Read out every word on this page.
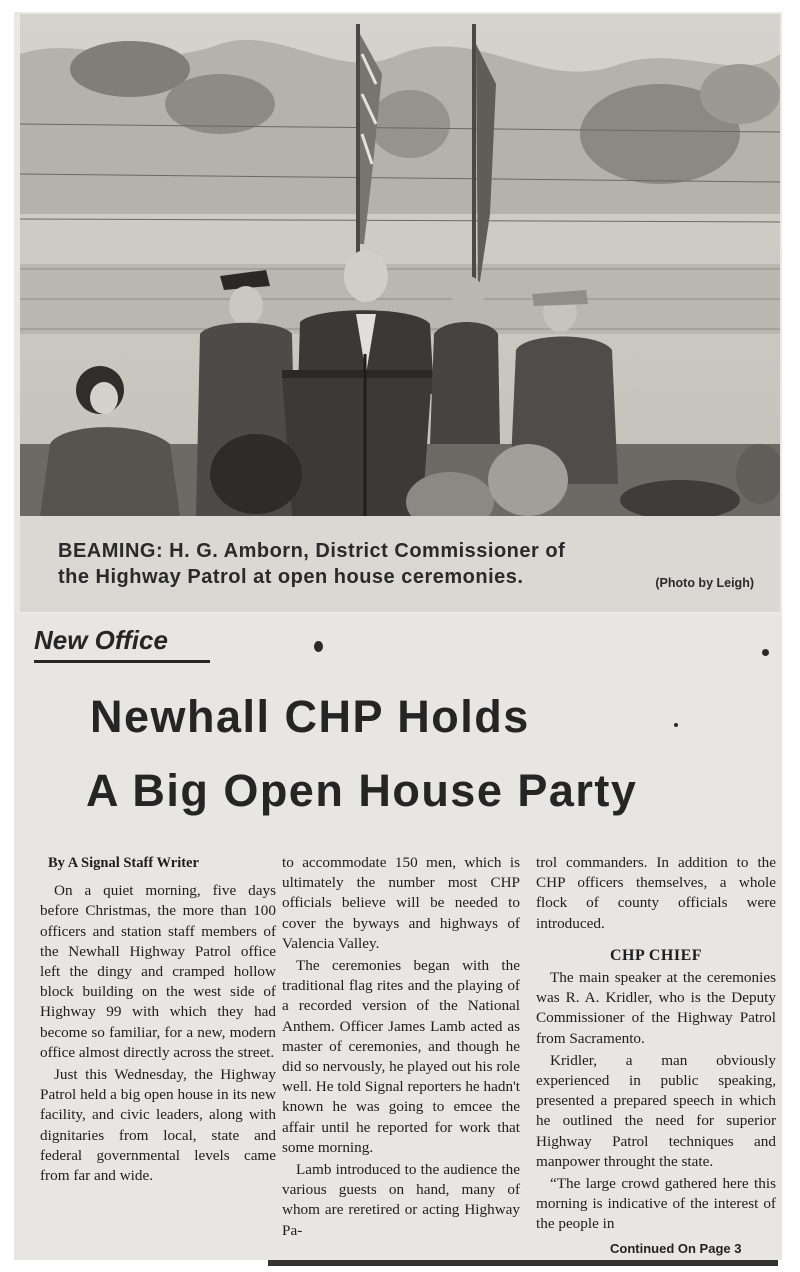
BEAMING: H. G. Amborn, District Commissioner of
the Highway Patrol at open house ceremonies.	(Photo by Leigh)
New Office
Newhall CHP Holds
A Big Open House Party

By A Signal Staff Writer

On a quiet morning, five days before Christmas, the more than 100 officers and station staff members of the Newhall Highway Patrol office left the dingy and cramped hollow block building on the west side of Highway 99 with which they had become so familiar, for a new, modern office almost directly across the street.

Just this Wednesday, the Highway Patrol held a big open house in its new facility, and civic leaders, along with dignitaries from local, state and federal governmental levels came from far and wide.

to accommodate 150 men, which is ultimately the number most CHP officials believe will be needed to cover the byways and highways of Valencia Valley.

The ceremonies began with the traditional flag rites and the playing of a recorded version of the National Anthem. Officer James Lamb acted as master of ceremonies, and though he did so nervously, he played out his role well. He told Signal reporters he hadn't known he was going to emcee the affair until he reported for work that some morning.

Lamb introduced to the audience the various guests on hand, many of whom are reretired or acting Highway Pa-

trol commanders. In addition to the CHP officers themselves, a whole flock of county officials were introduced.

CHP CHIEF

The main speaker at the ceremonies was R. A. Kridler, who is the Deputy Commissioner of the Highway Patrol from Sacramento.

Kridler, a man obviously experienced in public speaking, presented a prepared speech in which he outlined the need for superior Highway Patrol techniques and manpower throught the state.

“The large crowd gathered here this morning is indicative of the interest of the people in

Continued On Page 3
